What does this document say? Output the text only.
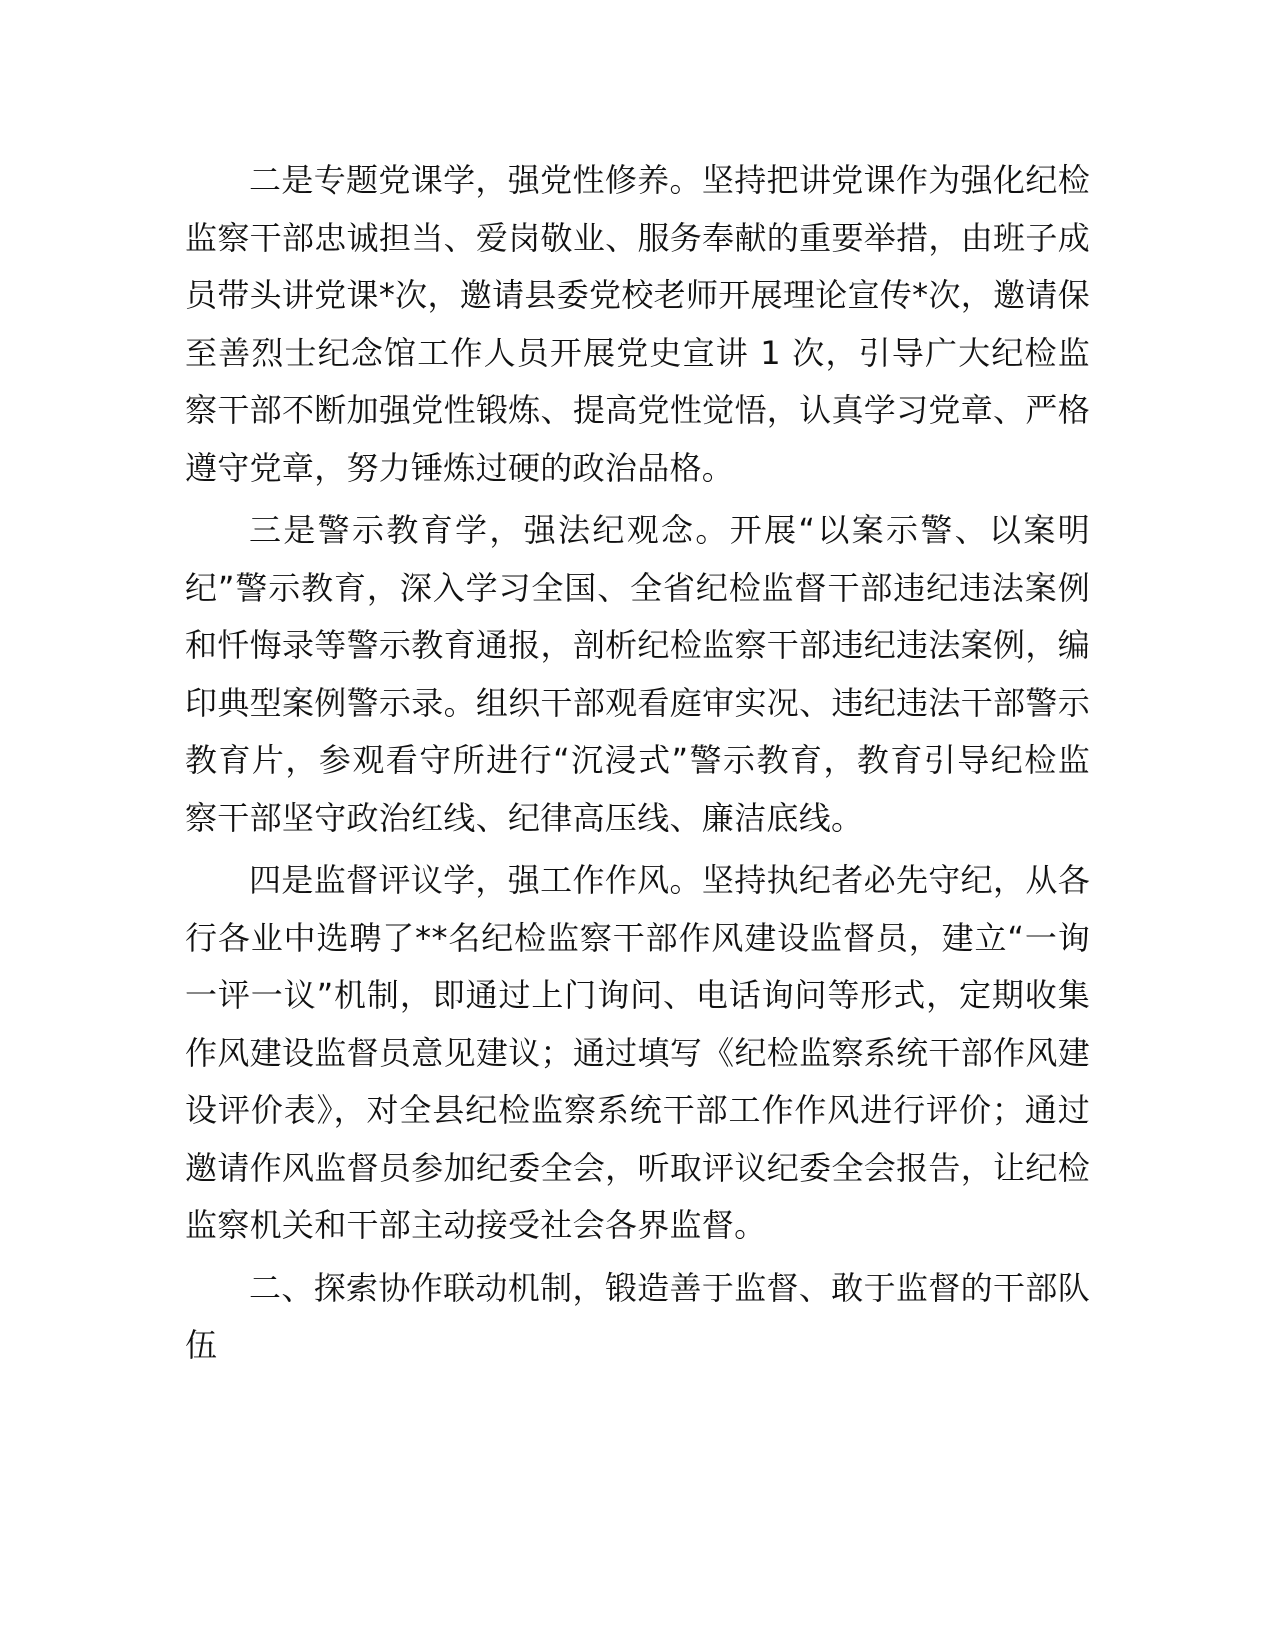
二是专题党课学，强党性修养。坚持把讲党课作为强化纪检监察干部忠诚担当、爱岗敬业、服务奉献的重要举措，由班子成员带头讲党课*次，邀请县委党校老师开展理论宣传*次，邀请保至善烈士纪念馆工作人员开展党史宣讲 1 次，引导广大纪检监察干部不断加强党性锻炼、提高党性觉悟，认真学习党章、严格遵守党章，努力锤炼过硬的政治品格。

三是警示教育学，强法纪观念。开展“以案示警、以案明纪”警示教育，深入学习全国、全省纪检监督干部违纪违法案例和忏悔录等警示教育通报，剖析纪检监察干部违纪违法案例，编印典型案例警示录。组织干部观看庭审实况、违纪违法干部警示教育片，参观看守所进行“沉浸式”警示教育，教育引导纪检监察干部坚守政治红线、纪律高压线、廉洁底线。

四是监督评议学，强工作作风。坚持执纪者必先守纪，从各行各业中选聘了**名纪检监察干部作风建设监督员，建立“一询一评一议”机制，即通过上门询问、电话询问等形式，定期收集作风建设监督员意见建议；通过填写《纪检监察系统干部作风建设评价表》，对全县纪检监察系统干部工作作风进行评价；通过邀请作风监督员参加纪委全会，听取评议纪委全会报告，让纪检监察机关和干部主动接受社会各界监督。

二、探索协作联动机制，锻造善于监督、敢于监督的干部队伍
